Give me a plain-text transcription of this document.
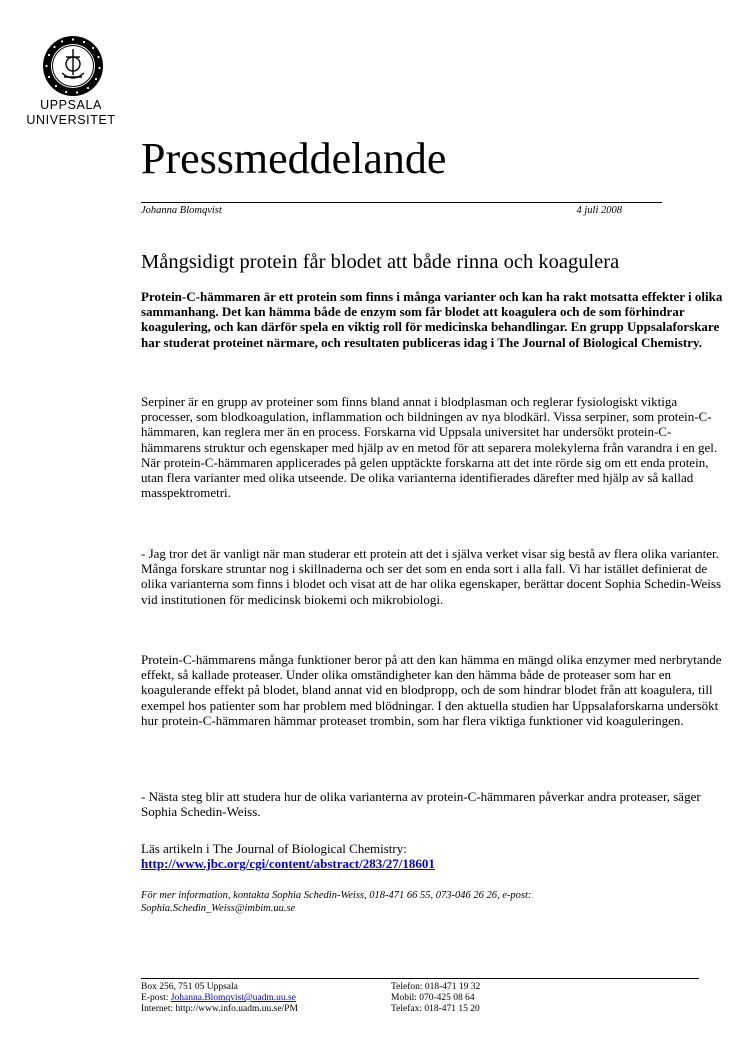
UPPSALA
UNIVERSITET
Pressmeddelande
Johanna Blomqvist	4 juli 2008
Mångsidigt protein får blodet att både rinna och koagulera

Protein-C-hämmaren är ett protein som finns i många varianter och kan ha rakt motsatta effekter i olika sammanhang. Det kan hämma både de enzym som får blodet att koagulera och de som förhindrar koagulering, och kan därför spela en viktig roll för medicinska behandlingar. En grupp Uppsalaforskare har studerat proteinet närmare, och resultaten publiceras idag i The Journal of Biological Chemistry.

Serpiner är en grupp av proteiner som finns bland annat i blodplasman och reglerar fysiologiskt viktiga processer, som blodkoagulation, inflammation och bildningen av nya blodkärl. Vissa serpiner, som protein-C-hämmaren, kan reglera mer än en process. Forskarna vid Uppsala universitet har undersökt protein-C-hämmarens struktur och egenskaper med hjälp av en metod för att separera molekylerna från varandra i en gel. När protein-C-hämmaren applicerades på gelen upptäckte forskarna att det inte rörde sig om ett enda protein, utan flera varianter med olika utseende. De olika varianterna identifierades därefter med hjälp av så kallad masspektrometri.

- Jag tror det är vanligt när man studerar ett protein att det i själva verket visar sig bestå av flera olika varianter. Många forskare struntar nog i skillnaderna och ser det som en enda sort i alla fall. Vi har istället definierat de olika varianterna som finns i blodet och visat att de har olika egenskaper, berättar docent Sophia Schedin-Weiss vid institutionen för medicinsk biokemi och mikrobiologi.

Protein-C-hämmarens många funktioner beror på att den kan hämma en mängd olika enzymer med nerbrytande effekt, så kallade proteaser. Under olika omständigheter kan den hämma både de proteaser som har en koagulerande effekt på blodet, bland annat vid en blodpropp, och de som hindrar blodet från att koagulera, till exempel hos patienter som har problem med blödningar. I den aktuella studien har Uppsalaforskarna undersökt hur protein-C-hämmaren hämmar proteaset trombin, som har flera viktiga funktioner vid koaguleringen.

- Nästa steg blir att studera hur de olika varianterna av protein-C-hämmaren påverkar andra proteaser, säger Sophia Schedin-Weiss.

Läs artikeln i The Journal of Biological Chemistry:
http://www.jbc.org/cgi/content/abstract/283/27/18601

För mer information, kontakta Sophia Schedin-Weiss, 018-471 66 55, 073-046 26 26, e-post:
Sophia.Schedin_Weiss@imbim.uu.se

Box 256, 751 05 Uppsala
E-post: Johanna.Blomqvist@uadm.uu.se
Internet: http://www.info.uadm.uu.se/PM
Telefon: 018-471 19 32
Mobil: 070-425 08 64
Telefax: 018-471 15 20
